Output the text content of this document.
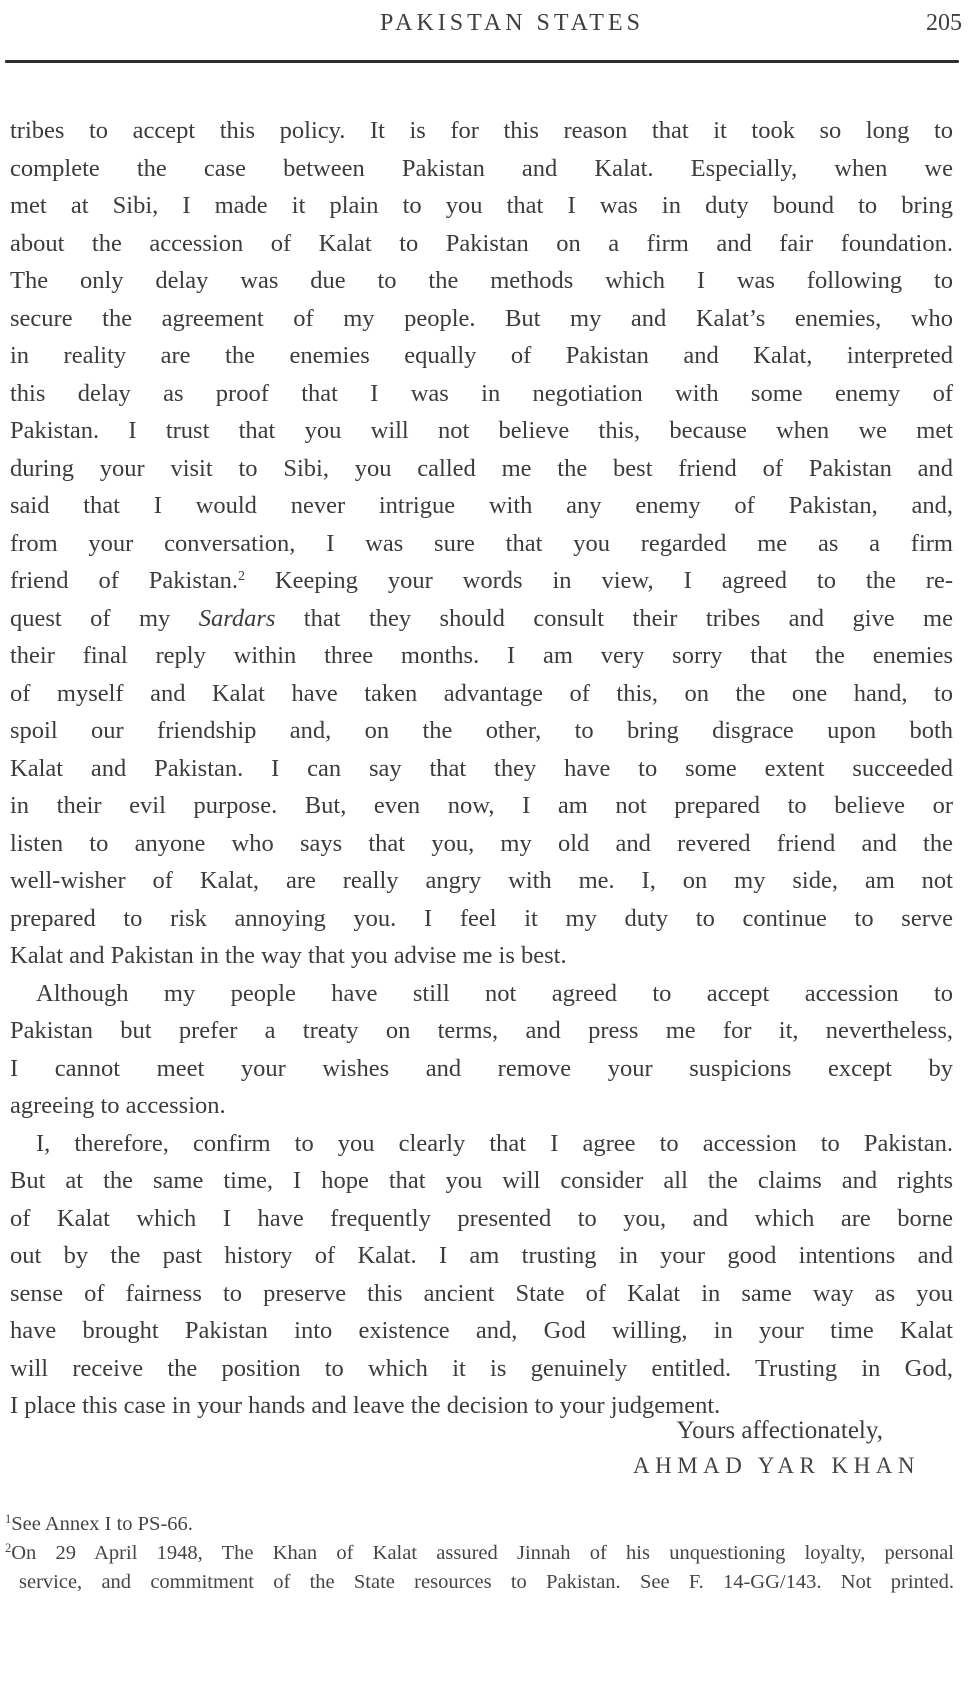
PAKISTAN STATES	205
tribes to accept this policy. It is for this reason that it took so long to
complete the case between Pakistan and Kalat. Especially, when we
met at Sibi, I made it plain to you that I was in duty bound to bring
about the accession of Kalat to Pakistan on a firm and fair foundation.
The only delay was due to the methods which I was following to
secure the agreement of my people. But my and Kalat’s enemies, who
in reality are the enemies equally of Pakistan and Kalat, interpreted
this delay as proof that I was in negotiation with some enemy of
Pakistan. I trust that you will not believe this, because when we met
during your visit to Sibi, you called me the best friend of Pakistan and
said that I would never intrigue with any enemy of Pakistan, and,
from your conversation, I was sure that you regarded me as a firm
friend of Pakistan.$^2$ Keeping your words in view, I agreed to the re-
quest of my Sardars that they should consult their tribes and give me
their final reply within three months. I am very sorry that the enemies
of myself and Kalat have taken advantage of this, on the one hand, to
spoil our friendship and, on the other, to bring disgrace upon both
Kalat and Pakistan. I can say that they have to some extent succeeded
in their evil purpose. But, even now, I am not prepared to believe or
listen to anyone who says that you, my old and revered friend and the
well-wisher of Kalat, are really angry with me. I, on my side, am not
prepared to risk annoying you. I feel it my duty to continue to serve
Kalat and Pakistan in the way that you advise me is best.
Although my people have still not agreed to accept accession to
Pakistan but prefer a treaty on terms, and press me for it, nevertheless,
I cannot meet your wishes and remove your suspicions except by
agreeing to accession.
I, therefore, confirm to you clearly that I agree to accession to Pakistan.
But at the same time, I hope that you will consider all the claims and rights
of Kalat which I have frequently presented to you, and which are borne
out by the past history of Kalat. I am trusting in your good intentions and
sense of fairness to preserve this ancient State of Kalat in same way as you
have brought Pakistan into existence and, God willing, in your time Kalat
will receive the position to which it is genuinely entitled. Trusting in God,
I place this case in your hands and leave the decision to your judgement.
Yours affectionately,
AHMAD YAR KHAN
$^1$See Annex I to PS-66.
$^2$On 29 April 1948, The Khan of Kalat assured Jinnah of his unquestioning loyalty, personal
service, and commitment of the State resources to Pakistan. See F. 14-GG/143. Not printed.
